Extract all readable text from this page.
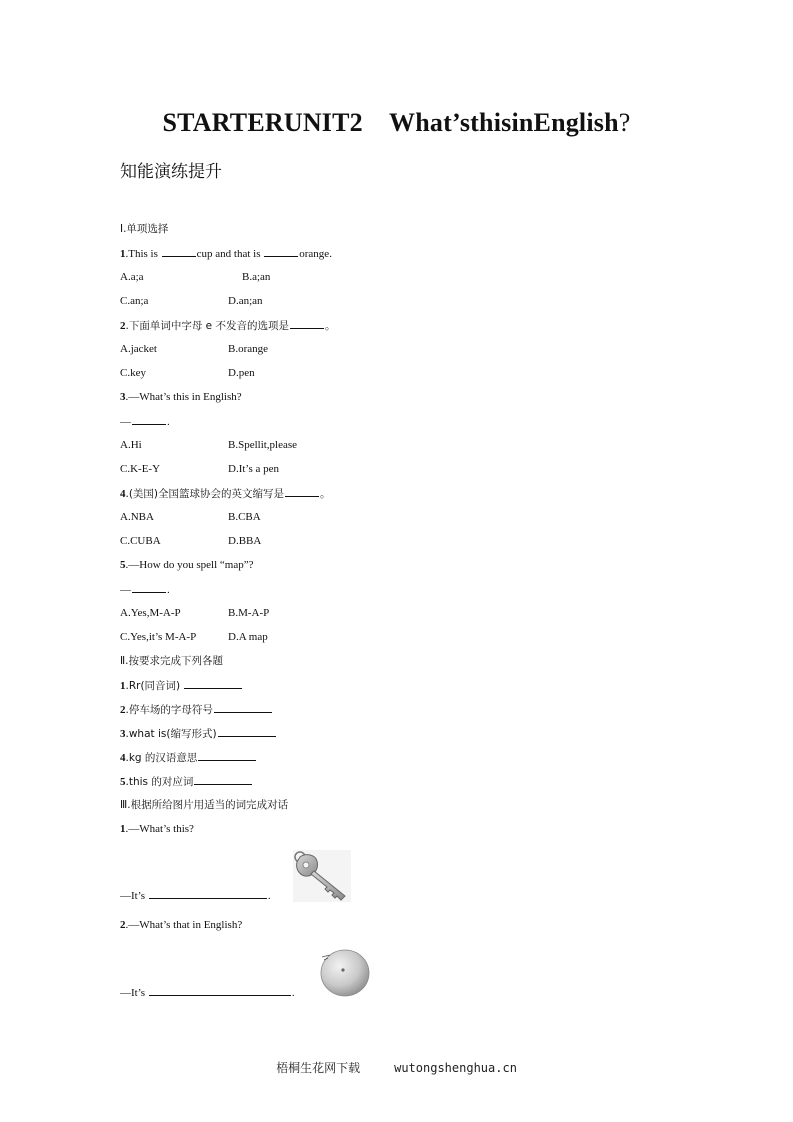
STARTERUNIT2　What’sthisinEnglish?
知能演练提升
Ⅰ.单项选择
1.This is	cup and that is	orange.
A.a;a	B.a;an
C.an;a	D.an;an
2.下面单词中字母 e 不发音的选项是	。
A.jacket	B.orange
C.key	D.pen
3.—What’s this in English?
—	.
A.Hi	B.Spellit,please
C.K-E-Y	D.It’s a pen
4.(美国)全国篮球协会的英文缩写是	。
A.NBA	B.CBA
C.CUBA	D.BBA
5.—How do you spell “map”?
—	.
A.Yes,M-A-P	B.M-A-P
C.Yes,it’s M-A-P	D.A map
Ⅱ.按要求完成下列各题
1.Rr(同音词)
2.停车场的字母符号
3.what is(缩写形式)
4.kg 的汉语意思
5.this 的对应词
Ⅲ.根据所给图片用适当的词完成对话
1.—What’s this?
—It’s	.
2.—What’s that in English?
—It’s	.
梧桐生花网下载	wutongshenghua.cn
